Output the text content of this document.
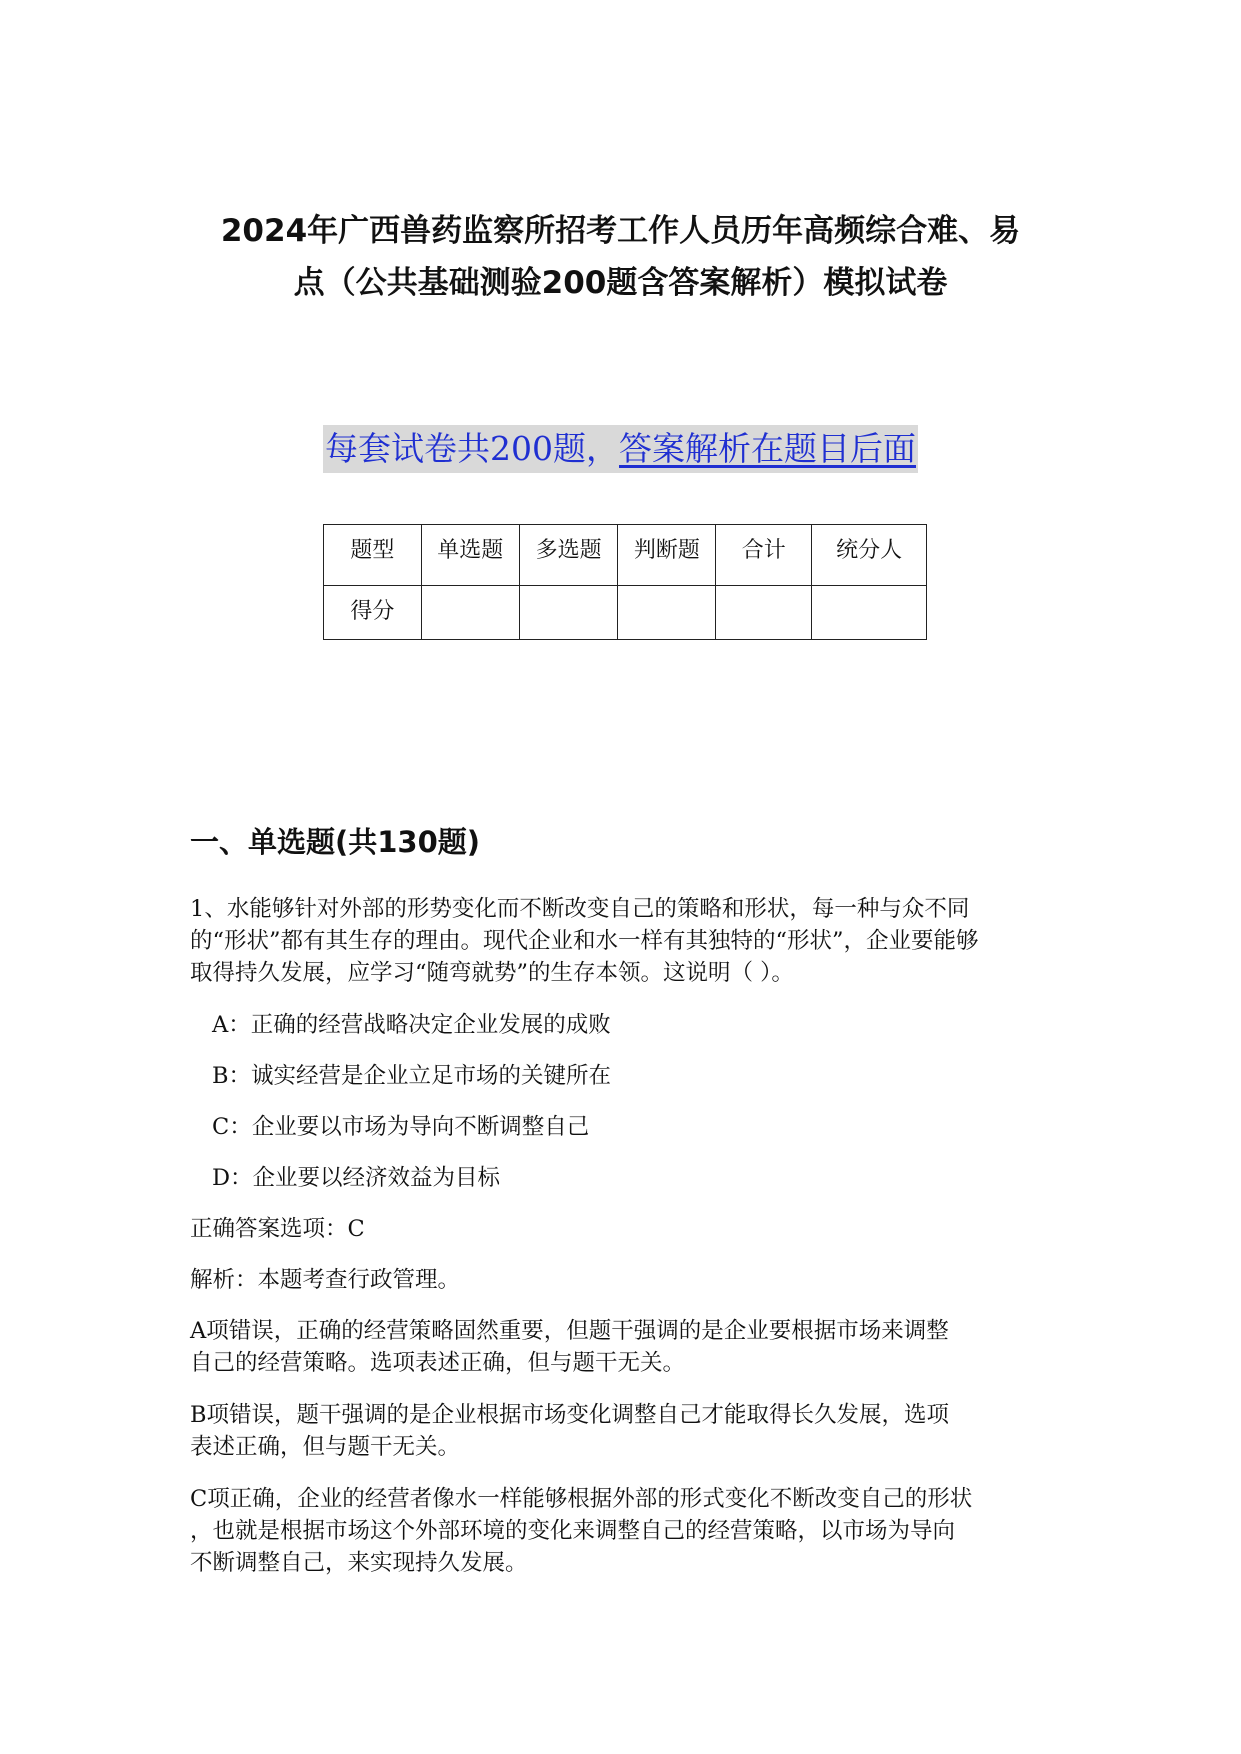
2024年广西兽药监察所招考工作人员历年高频综合难、易
点（公共基础测验200题含答案解析）模拟试卷
每套试卷共200题，答案解析在题目后面
题型	单选题	多选题	判断题	合计	统分人
得分					
一、单选题(共130题)
1、水能够针对外部的形势变化而不断改变自己的策略和形状，每一种与众不同
的“形状”都有其生存的理由。现代企业和水一样有其独特的“形状”，企业要能够
取得持久发展，应学习“随弯就势”的生存本领。这说明（ ）。
A：正确的经营战略决定企业发展的成败
B：诚实经营是企业立足市场的关键所在
C：企业要以市场为导向不断调整自己
D：企业要以经济效益为目标
正确答案选项：C
解析：本题考查行政管理。
A项错误，正确的经营策略固然重要，但题干强调的是企业要根据市场来调整
自己的经营策略。选项表述正确，但与题干无关。
B项错误，题干强调的是企业根据市场变化调整自己才能取得长久发展，选项
表述正确，但与题干无关。
C项正确，企业的经营者像水一样能够根据外部的形式变化不断改变自己的形状
，也就是根据市场这个外部环境的变化来调整自己的经营策略，以市场为导向
不断调整自己，来实现持久发展。
